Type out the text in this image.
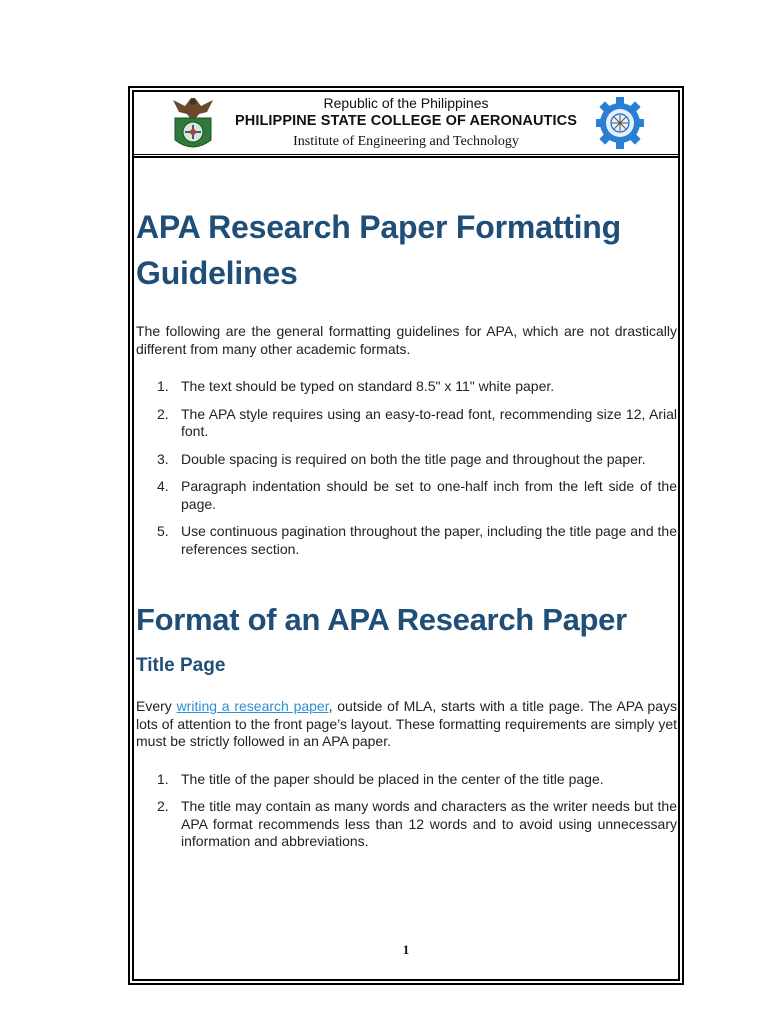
Republic of the Philippines
PHILIPPINE STATE COLLEGE OF AERONAUTICS
Institute of Engineering and Technology
APA Research Paper Formatting Guidelines

The following are the general formatting guidelines for APA, which are not drastically different from many other academic formats.

1. The text should be typed on standard 8.5" x 11" white paper.
2. The APA style requires using an easy-to-read font, recommending size 12, Arial font.
3. Double spacing is required on both the title page and throughout the paper.
4. Paragraph indentation should be set to one-half inch from the left side of the page.
5. Use continuous pagination throughout the paper, including the title page and the references section.
Format of an APA Research Paper
Title Page

Every writing a research paper, outside of MLA, starts with a title page. The APA pays lots of attention to the front page’s layout. These formatting requirements are simply yet must be strictly followed in an APA paper.

1. The title of the paper should be placed in the center of the title page.
2. The title may contain as many words and characters as the writer needs but the APA format recommends less than 12 words and to avoid using unnecessary information and abbreviations.
1
